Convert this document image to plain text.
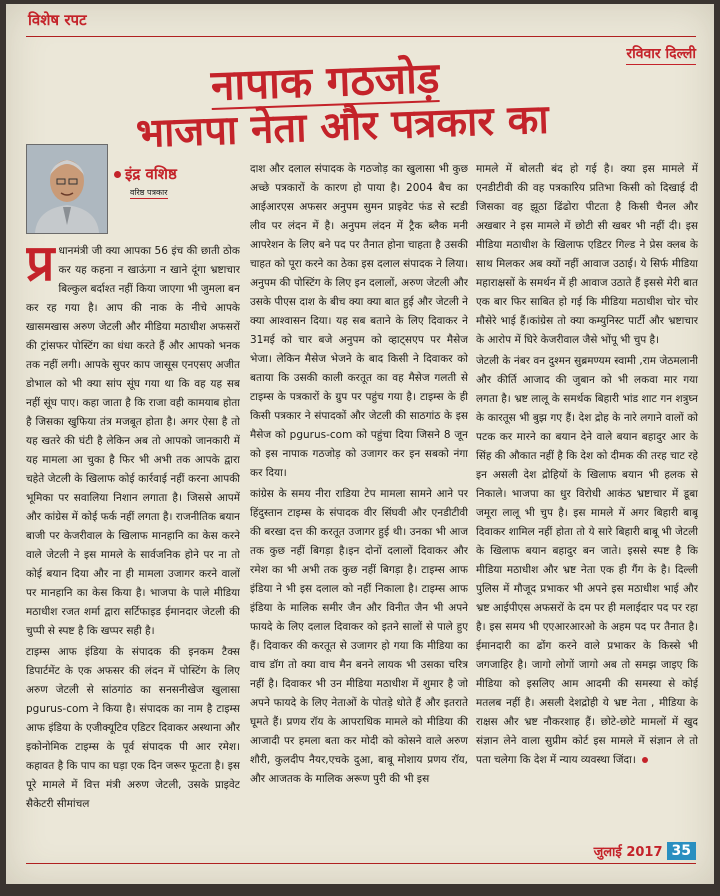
विशेष रपट
रविवार दिल्ली
नापाक गठजोड़
भाजपा नेता और पत्रकार का
इंद्र वशिष्ठ
वरिष्ठ पत्रकार

प्र धानमंत्री जी क्या आपका 56 इंच की छाती ठोक कर यह कहना न खाऊंगा न खाने दूंगा भ्रष्टाचार बिल्कुल बर्दाश्त नहीं किया जाएगा भी जुमला बन कर रह गया है। आप की नाक के नीचे आपके खासमखास अरुण जेटली और मीडिया मठाधीश अफसरों की ट्रांसफर पोस्टिंग का धंधा करते हैं और आपको भनक तक नहीं लगी। आपके सुपर काप जासूस एनएसए अजीत डोभाल को भी क्या सांप सूंघ गया था कि वह यह सब नहीं सूंघ पाए। कहा जाता है कि राजा वही कामयाब होता है जिसका खुफिया तंत्र मजबूत होता है। अगर ऐसा है तो यह खतरे की घंटी है लेकिन अब तो आपको जानकारी में यह मामला आ चुका है फिर भी अभी तक आपके द्वारा चहेते जेटली के खिलाफ कोई कार्रवाई नहीं करना आपकी भूमिका पर सवालिया निशान लगाता है। जिससे आपमें और कांग्रेस में कोई फर्क नहीं लगता है। राजनीतिक बयान बाजी पर केजरीवाल के खिलाफ मानहानि का केस करने वाले जेटली ने इस मामले के सार्वजनिक होने पर ना तो कोई बयान दिया और ना ही मामला उजागर करने वालों पर मानहानि का केस किया है। भाजपा के पाले मीडिया मठाधीश रजत शर्मा द्वारा सर्टिफाइड ईमानदार जेटली की चुप्पी से स्पष्ट है कि खप्पर सही है।

टाइम्स आफ इंडिया के संपादक की इनकम टैक्स डिपार्टमेंट के एक अफसर की लंदन में पोस्टिंग के लिए अरुण जेटली से सांठगांठ का सनसनीखेज खुलासा pgurus-com ने किया है। संपादक का नाम है टाइम्स आफ इंडिया के एजीक्यूटिव एडिटर दिवाकर अस्थाना और इकोनोमिक टाइम्स के पूर्व संपादक पी आर रमेश। कहावत है कि पाप का घड़ा एक दिन जरूर फूटता है। इस पूरे मामले में वित्त मंत्री अरुण जेटली, उसके प्राइवेट सैकेटरी सीमांचल

दाश और दलाल संपादक के गठजोड़ का खुलासा भी कुछ अच्छे पत्रकारों के कारण हो पाया है। 2004 बैच का आईआरएस अफसर अनुपम सुमन प्राइवेट फंड से स्टडी लीव पर लंदन में है। अनुपम लंदन में ट्रैक ब्लैक मनी आपरेशन के लिए बने पद पर तैनात होना चाहता है उसकी चाहत को पूरा करने का ठेका इस दलाल संपादक ने लिया। अनुपम की पोस्टिंग के लिए इन दलालों, अरुण जेटली और उसके पीएस दाश के बीच क्या क्या बात हुई और जेटली ने क्या आश्वासन दिया। यह सब बताने के लिए दिवाकर ने 31मई को चार बजे अनुपम को व्हाट्सएप पर मैसेज भेजा। लेकिन मैसेज भेजने के बाद किसी ने दिवाकर को बताया कि उसकी काली करतूत का वह मैसेज गलती से टाइम्स के पत्रकारों के ग्रुप पर पहुंच गया है। टाइम्स के ही किसी पत्रकार ने संपादकों और जेटली की साठगांठ के इस मैसेज को pgurus-com को पहुंचा दिया जिसने 8 जून को इस नापाक गठजोड़ को उजागर कर इन सबको नंगा कर दिया।

कांग्रेस के समय नीरा राडिया टेप मामला सामने आने पर हिंदुस्तान टाइम्स के संपादक वीर सिंघवी और एनडीटीवी की बरखा दत्त की करतूत उजागर हुई थी। उनका भी आज तक कुछ नहीं बिगड़ा है।इन दोनों दलालों दिवाकर और रमेश का भी अभी तक कुछ नहीं बिगड़ा है। टाइम्स आफ इंडिया ने भी इस दलाल को नहीं निकाला है। टाइम्स आफ इंडिया के मालिक समीर जैन और विनीत जैन भी अपने फायदे के लिए दलाल दिवाकर को इतने सालों से पाले हुए हैं। दिवाकर की करतूत से उजागर हो गया कि मीडिया का वाच डॉग तो क्या वाच मैन बनने लायक भी उसका चरित्र नहीं है। दिवाकर भी उन मीडिया मठाधीश में शुमार है जो अपने फायदे के लिए नेताओं के पोतड़े धोते हैं और इतराते घूमते हैं। प्रणय रॉय के आपराधिक मामले को मीडिया की आजादी पर हमला बता कर मोदी को कोसने वाले अरुण शौरी, कुलदीप नैयर,एचके दुआ, बाबू मोशाय प्रणय रॉय, और आजतक के मालिक अरूण पुरी की भी इस

मामले में बोलती बंद हो गई है। क्या इस मामले में एनडीटीवी की वह पत्रकारिय प्रतिभा किसी को दिखाई दी जिसका वह झूठा ढिंढोरा पीटता है किसी चैनल और अखबार ने इस मामले में छोटी सी खबर भी नहीं दी। इस मीडिया मठाधीश के खिलाफ एडिटर गिल्ड ने प्रेस क्लब के साथ मिलकर अब क्यों नहीं आवाज उठाई। ये सिर्फ मीडिया महाराक्षसों के समर्थन में ही आवाज उठाते हैं इससे मेरी बात एक बार फिर साबित हो गई कि मीडिया मठाधीश चोर चोर मौसेरे भाई हैं।कांग्रेस तो क्या कम्युनिस्ट पार्टी और भ्रष्टाचार के आरोप में घिरे केजरीवाल जैसे भोंपू भी चुप है।

जेटली के नंबर वन दुश्मन सुब्रमण्यम स्वामी ,राम जेठमलानी और कीर्ति आजाद की जुबान को भी लकवा मार गया लगता है। भ्रष्ट लालू के समर्थक बिहारी भांड शाट गन शत्रुघ्न के कारतूस भी बुझ गए हैं। देश द्रोह के नारे लगाने वालों को पटक कर मारने का बयान देने वाले बयान बहादुर आर के सिंह की औकात नहीं है कि देश को दीमक की तरह चाट रहे इन असली देश द्रोहियों के खिलाफ बयान भी हलक से निकाले। भाजपा का धुर विरोधी आकंठ भ्रष्टाचार में डूबा जमूरा लालू भी चुप है। इस मामले में अगर बिहारी बाबू दिवाकर शामिल नहीं होता तो ये सारे बिहारी बाबू भी जेटली के खिलाफ बयान बहादुर बन जाते। इससे स्पष्ट है कि मीडिया मठाधीश और भ्रष्ट नेता एक ही गैंग के है। दिल्ली पुलिस में मौजूद प्रभाकर भी अपने इस मठाधीश भाई और भ्रष्ट आईपीएस अफसरों के दम पर ही मलाईदार पद पर रहा है। इस समय भी एएआरआरओ के अहम पद पर तैनात है। ईमानदारी का ढोंग करने वाले प्रभाकर के किस्से भी जगजाहिर है। जागो लोगों जागो अब तो समझ जाइए कि मीडिया को इसलिए आम आदमी की समस्या से कोई मतलब नहीं है। असली देशद्रोही ये भ्रष्ट नेता , मीडिया के राक्षस और भ्रष्ट नौकरशाह हैं। छोटे-छोटे मामलों में खुद संज्ञान लेने वाला सुप्रीम कोर्ट इस मामले में संज्ञान ले तो पता चलेगा कि देश में न्याय व्यवस्था जिंदा।

जुलाई 2017 35
